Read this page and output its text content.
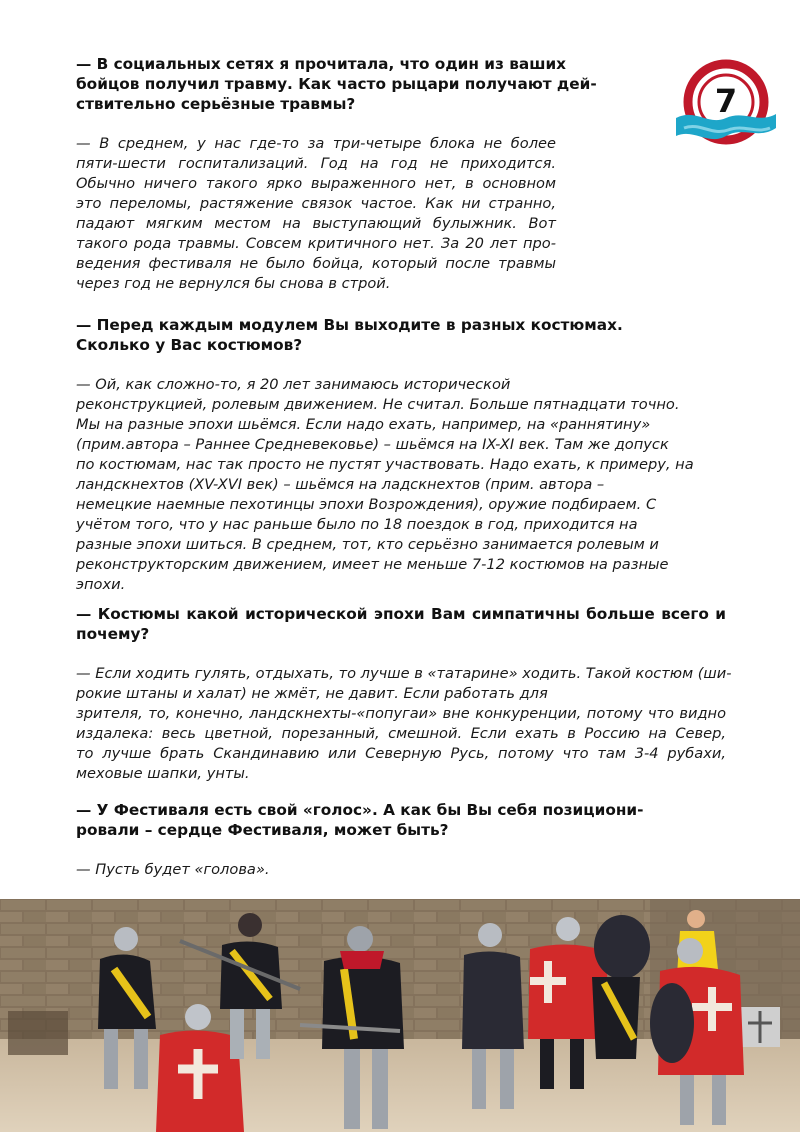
7

— В социальных сетях я прочитала, что один из ваших
бойцов получил травму. Как часто рыцари получают дей-
ствительно серьёзные травмы?

— В среднем, у нас где-то за три-четыре блока не более
пяти-шести госпитализаций. Год на год не приходится.
Обычно ничего такого ярко выраженного нет, в основном
это переломы, растяжение связок частое. Как ни странно,
падают мягким местом на выступающий булыжник. Вот
такого рода травмы. Совсем критичного нет. За 20 лет про-
ведения фестиваля не было бойца, который после травмы
через год не вернулся бы снова в строй.

— Перед каждым модулем Вы выходите в разных костюмах.
Сколько у Вас костюмов?

— Ой, как сложно-то, я 20 лет занимаюсь исторической
реконструкцией, ролевым движением. Не считал. Больше пятнадцати точно.
Мы на разные эпохи шьёмся. Если надо ехать, например, на «раннятину»
(прим.автора – Раннее Средневековье) – шьёмся на IX-XI век. Там же допуск
по костюмам, нас так просто не пустят участвовать. Надо ехать, к примеру, на
ландскнехтов (XV-XVI век) – шьёмся на ладскнехтов (прим. автора –
немецкие наемные пехотинцы эпохи Возрождения), оружие подбираем. С
учётом того, что у нас раньше было по 18 поездок в год, приходится на
разные эпохи шиться. В среднем, тот, кто серьёзно занимается ролевым и
реконструкторским движением, имеет не меньше 7-12 костюмов на разные
эпохи.

— Костюмы какой исторической эпохи Вам симпатичны больше всего и
почему?

— Если ходить гулять, отдыхать, то лучше в «татарине» ходить. Такой костюм (ши-
рокие штаны и халат) не жмёт, не давит. Если работать для
зрителя, то, конечно, ландскнехты-«попугаи» вне конкуренции, потому что видно
издалека: весь цветной, порезанный, смешной. Если ехать в Россию на Север,
то лучше брать Скандинавию или Северную Русь, потому что там 3-4 рубахи,
меховые шапки, унты.

— У Фестиваля есть свой «голос». А как бы Вы себя позициони-
ровали – сердце Фестиваля, может быть?

— Пусть будет «голова».
